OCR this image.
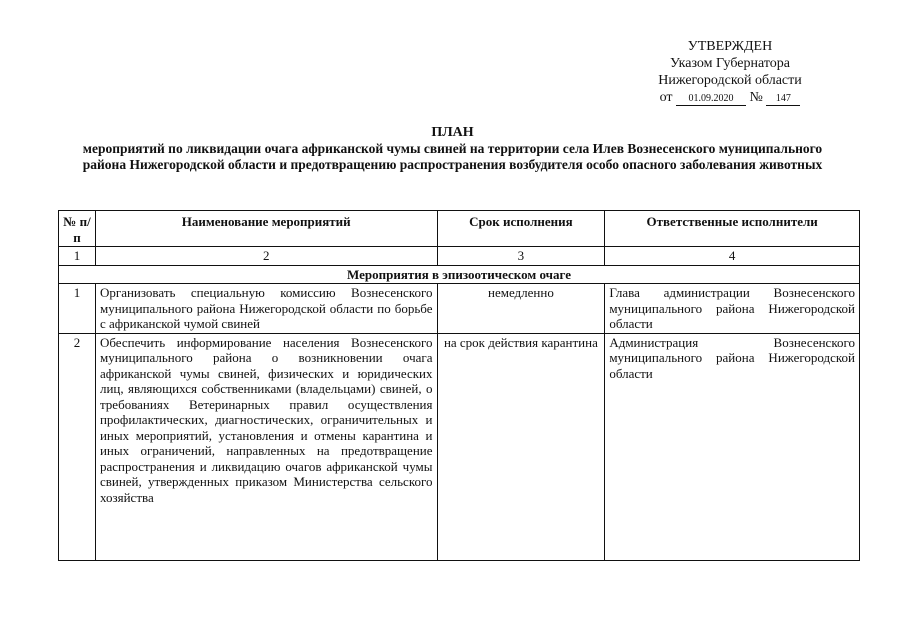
УТВЕРЖДЕН
Указом Губернатора
Нижегородской области
от 01.09.2020 № 147
ПЛАН
мероприятий по ликвидации очага африканской чумы свиней на территории села Илев Вознесенского муниципального района Нижегородской области и предотвращению распространения возбудителя особо опасного заболевания животных
№ п/п	Наименование мероприятий	Срок исполнения	Ответственные исполнители
1	2	3	4
Мероприятия в эпизоотическом очаге			
1	Организовать специальную комиссию Вознесенского муниципального района Нижегородской области по борьбе с африканской чумой свиней	немедленно	Глава администрации Вознесенского муниципального района Нижегородской области
2	Обеспечить информирование населения Вознесенского муниципального района о возникновении очага африканской чумы свиней, физических и юридических лиц, являющихся собственниками (владельцами) свиней, о требованиях Ветеринарных правил осуществления профилактических, диагностических, ограничительных и иных мероприятий, установления и отмены карантина и иных ограничений, направленных на предотвращение распространения и ликвидацию очагов африканской чумы свиней, утвержденных приказом Министерства сельского хозяйства	на срок действия карантина	Администрация Вознесенского муниципального района Нижегородской области
